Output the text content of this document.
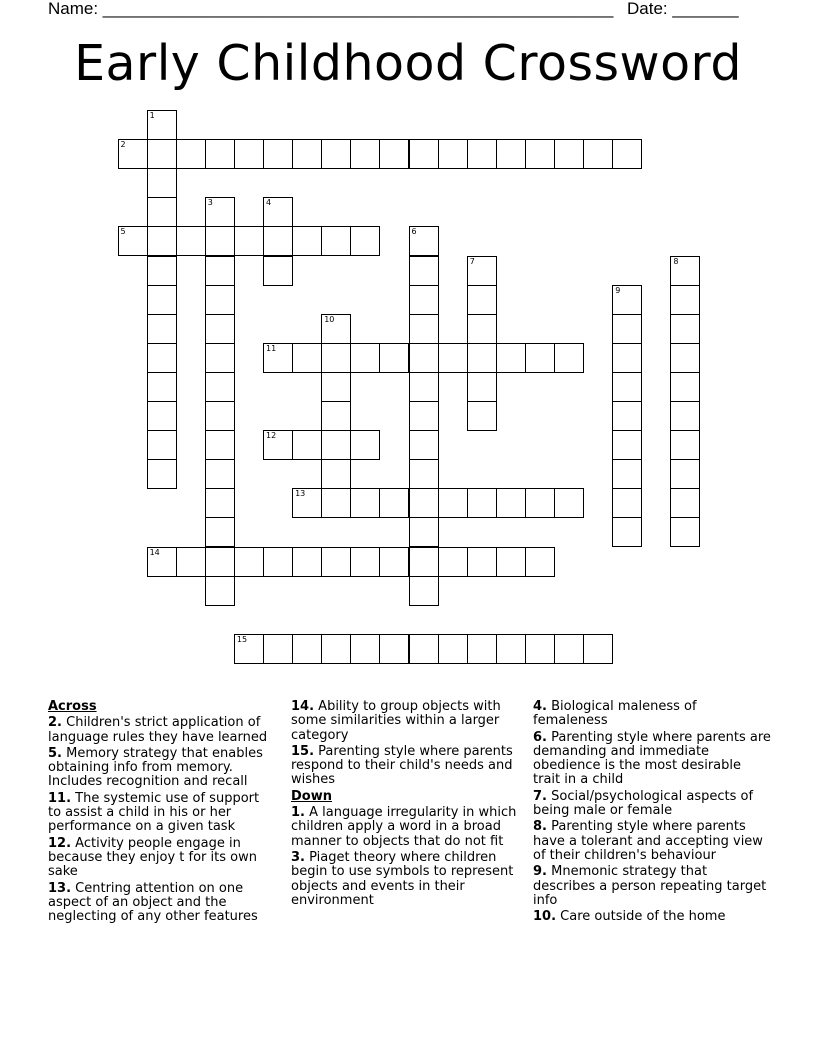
Name: ______________________________________________________ Date: _______
Early Childhood Crossword
2
5
11
12
13
14
15
1
3	4
6
7	8
9
10
Across
2. Children's strict application of language rules they have learned
5. Memory strategy that enables obtaining info from memory. Includes recognition and recall
11. The systemic use of support to assist a child in his or her performance on a given task
12. Activity people engage in because they enjoy t for its own sake
13. Centring attention on one aspect of an object and the neglecting of any other features
14. Ability to group objects with some similarities within a larger category
15. Parenting style where parents respond to their child's needs and wishes
Down
1. A language irregularity in which children apply a word in a broad manner to objects that do not fit
3. Piaget theory where children begin to use symbols to represent objects and events in their environment
4. Biological maleness of femaleness
6. Parenting style where parents are demanding and immediate obedience is the most desirable trait in a child
7. Social/psychological aspects of being male or female
8. Parenting style where parents have a tolerant and accepting view of their children's behaviour
9. Mnemonic strategy that describes a person repeating target info
10. Care outside of the home
